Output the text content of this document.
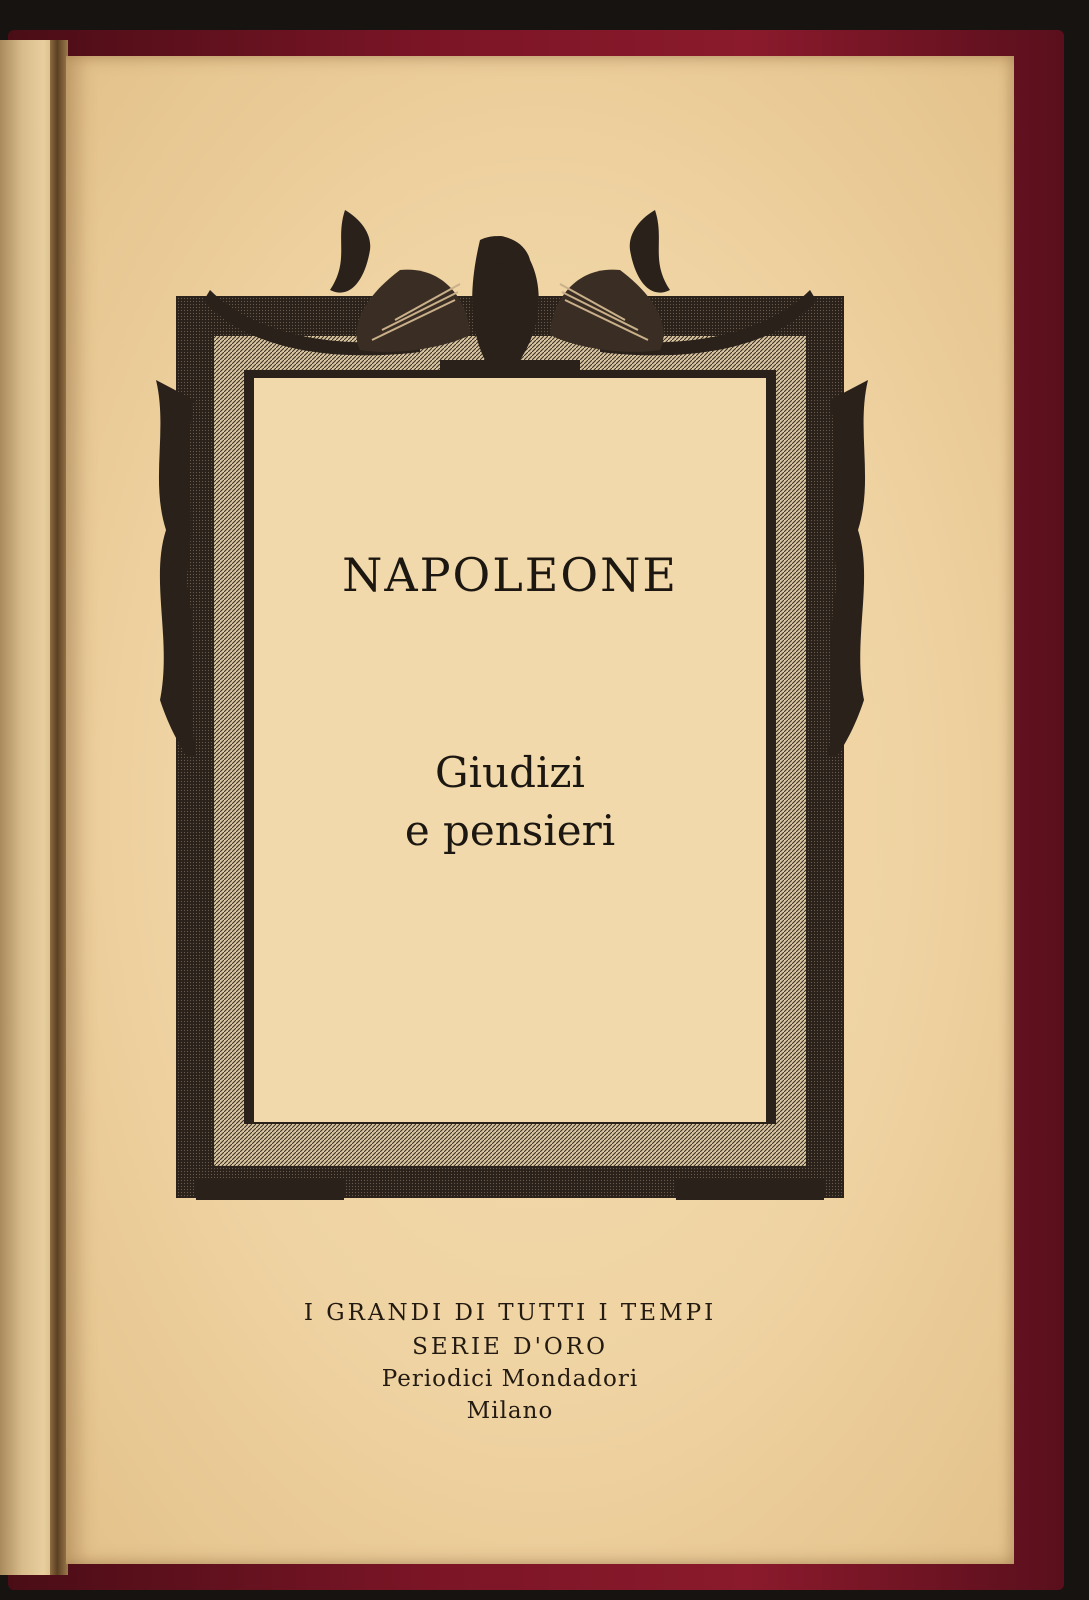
NAPOLEONE
Giudizi
e pensieri
I GRANDI DI TUTTI I TEMPI
SERIE D'ORO
Periodici Mondadori
Milano
